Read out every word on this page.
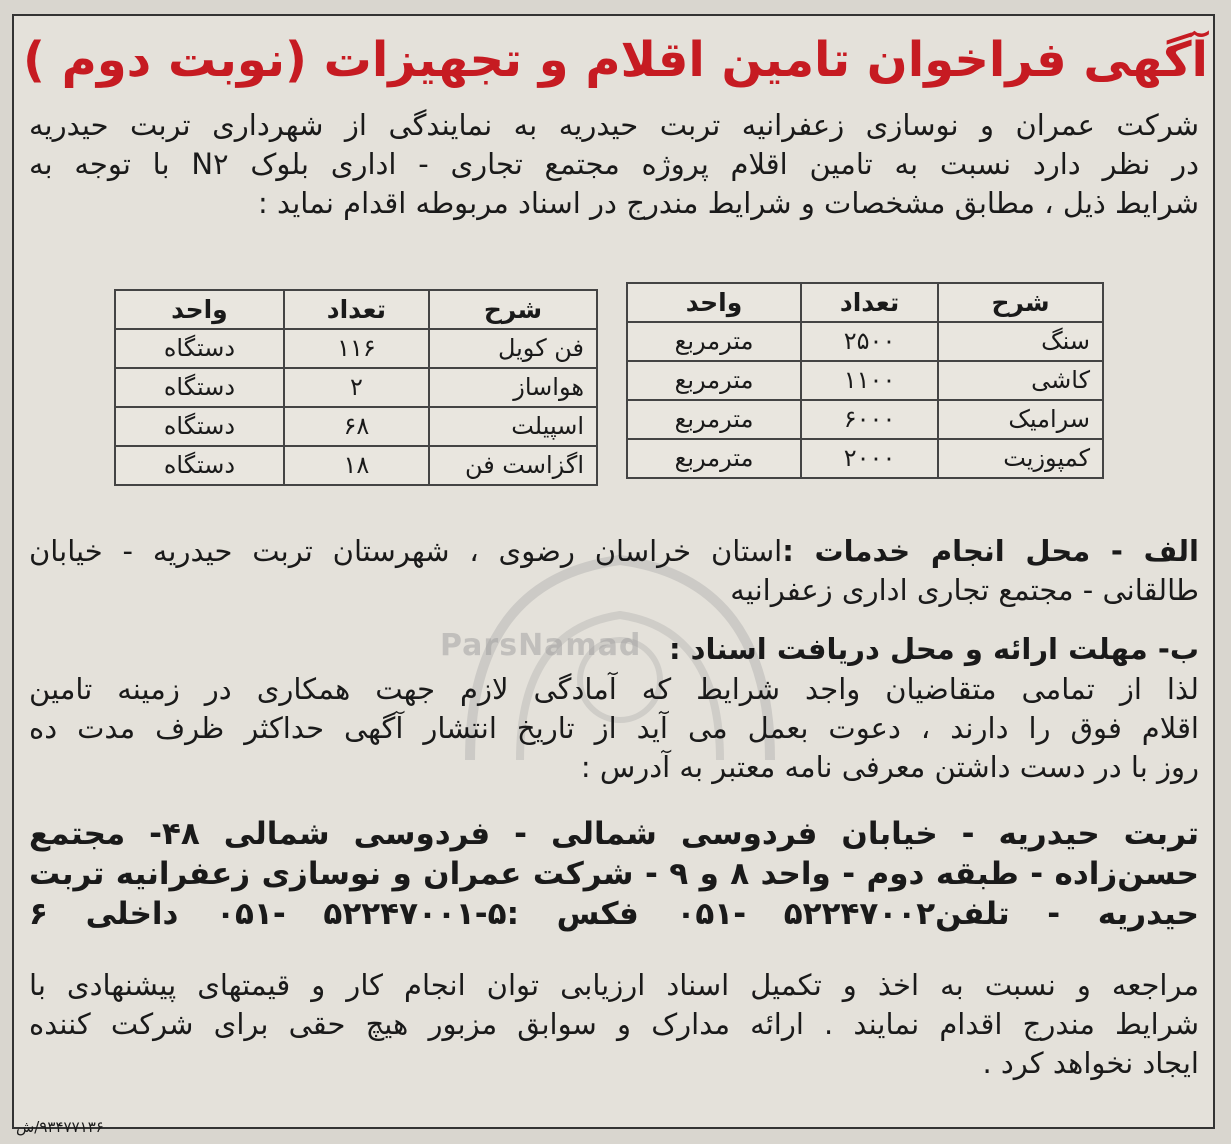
آگهی فراخوان تامین اقلام و تجهیزات (نوبت دوم )
شرکت عمران و نوسازی زعفرانیه تربت حیدریه به نمایندگی از شهرداری تربت حیدریه
در نظر دارد نسبت به تامین اقلام پروژه مجتمع تجاری - اداری بلوک N۲ با توجه به
شرایط ذیل ، مطابق مشخصات و شرایط مندرج در اسناد مربوطه اقدام نماید :
شرح	تعداد	واحد
سنگ	۲۵۰۰	مترمربع
کاشی	۱۱۰۰	مترمربع
سرامیک	۶۰۰۰	مترمربع
کمپوزیت	۲۰۰۰	مترمربع
شرح	تعداد	واحد
فن کویل	۱۱۶	دستگاه
هواساز	۲	دستگاه
اسپیلت	۶۸	دستگاه
اگزاست فن	۱۸	دستگاه
ParsNamad
الف - محل انجام خدمات :استان خراسان رضوی ، شهرستان تربت حیدریه - خیابان
طالقانی - مجتمع تجاری اداری زعفرانیه
ب- مهلت ارائه و محل دریافت اسناد :
لذا از تمامی متقاضیان واجد شرایط که آمادگی لازم جهت همکاری در زمینه تامین
اقلام فوق را دارند ، دعوت بعمل می آید از تاریخ انتشار آگهی حداکثر ظرف مدت ده
روز با در دست داشتن معرفی نامه معتبر به آدرس :
تربت حیدریه - خیابان فردوسی شمالی - فردوسی شمالی ۴۸- مجتمع
حسن‌زاده - طبقه دوم - واحد ۸ و ۹ - شرکت عمران و نوسازی زعفرانیه تربت
حیدریه - تلفن۵۲۲۴۷۰۰۲ -۰۵۱ فکس :۵-۵۲۲۴۷۰۰۱ -۰۵۱ داخلی ۶
مراجعه و نسبت به اخذ و تکمیل اسناد ارزیابی توان انجام کار و قیمتهای پیشنهادی با
شرایط مندرج اقدام نمایند . ارائه مدارک و سوابق مزبور هیچ حقی برای شرکت کننده
ایجاد نخواهد کرد .
۹۳۴۷۷۱۳۶/ش
